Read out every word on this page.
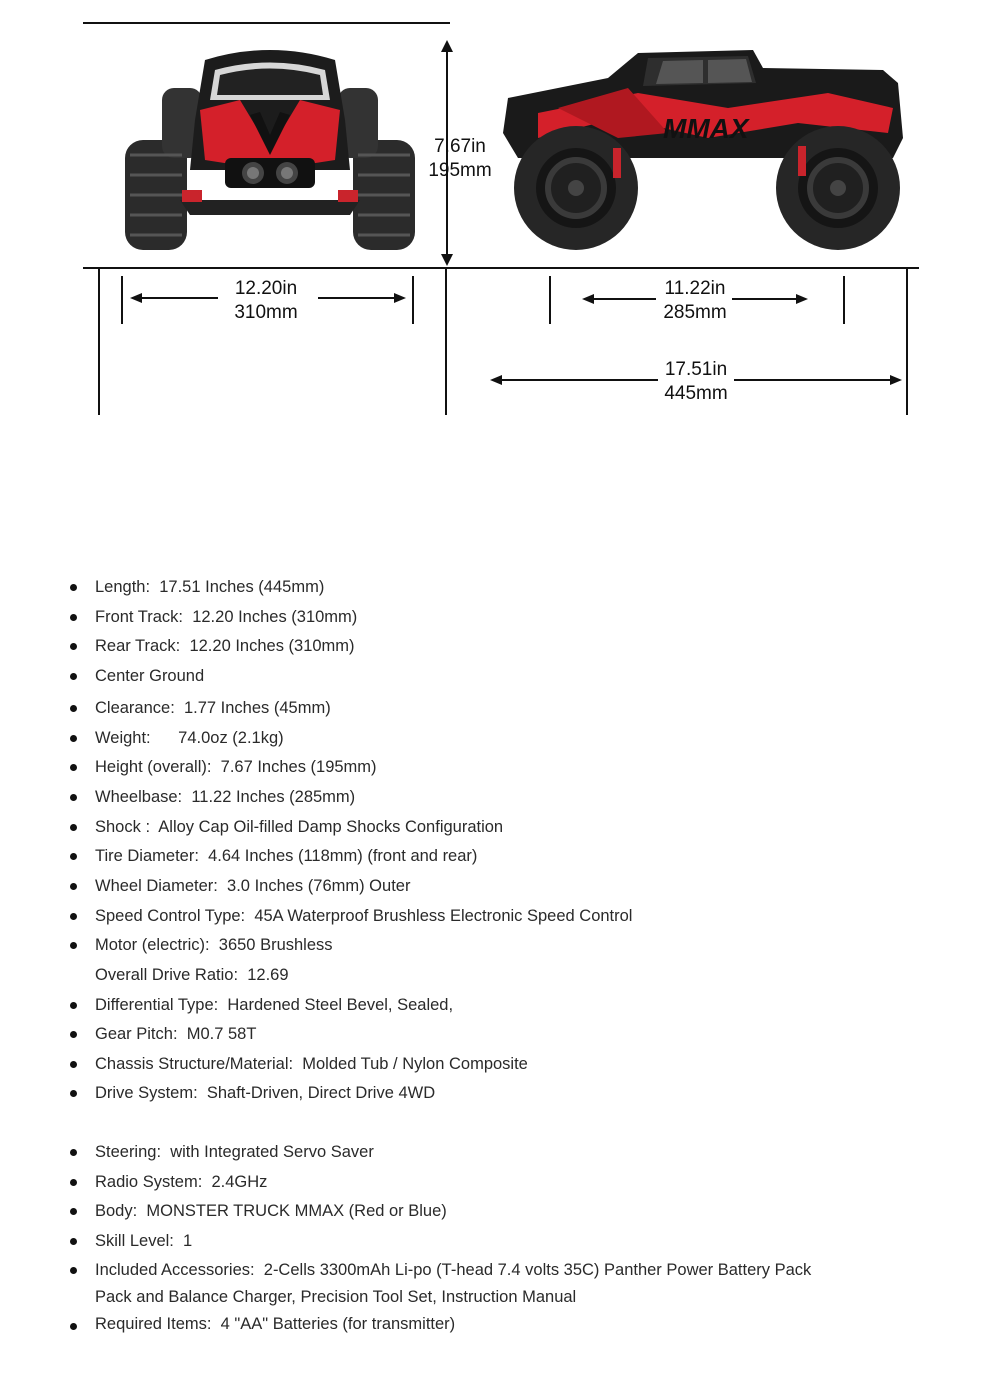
7.67in
195mm
12.20in
310mm
11.22in
285mm
17.51in
445mm
MMAX
Length: 17.51 Inches (445mm)
Front Track: 12.20 Inches (310mm)
Rear Track: 12.20 Inches (310mm)
Center Ground
Clearance: 1.77 Inches (45mm)
Weight: 74.0oz (2.1kg)
Height (overall): 7.67 Inches (195mm)
Wheelbase: 11.22 Inches (285mm)
Shock : Alloy Cap Oil-filled Damp Shocks Configuration
Tire Diameter: 4.64 Inches (118mm) (front and rear)
Wheel Diameter: 3.0 Inches (76mm) Outer
Speed Control Type: 45A Waterproof Brushless Electronic Speed Control
Motor (electric): 3650 Brushless
Overall Drive Ratio: 12.69
Differential Type: Hardened Steel Bevel, Sealed,
Gear Pitch: M0.7 58T
Chassis Structure/Material: Molded Tub / Nylon Composite
Drive System: Shaft-Driven, Direct Drive 4WD
Steering: with Integrated Servo Saver
Radio System: 2.4GHz
Body: MONSTER TRUCK MMAX (Red or Blue)
Skill Level: 1
Included Accessories: 2-Cells 3300mAh Li-po (T-head 7.4 volts 35C) Panther Power Battery Pack
Pack and Balance Charger, Precision Tool Set, Instruction Manual
Required Items: 4 "AA" Batteries (for transmitter)
